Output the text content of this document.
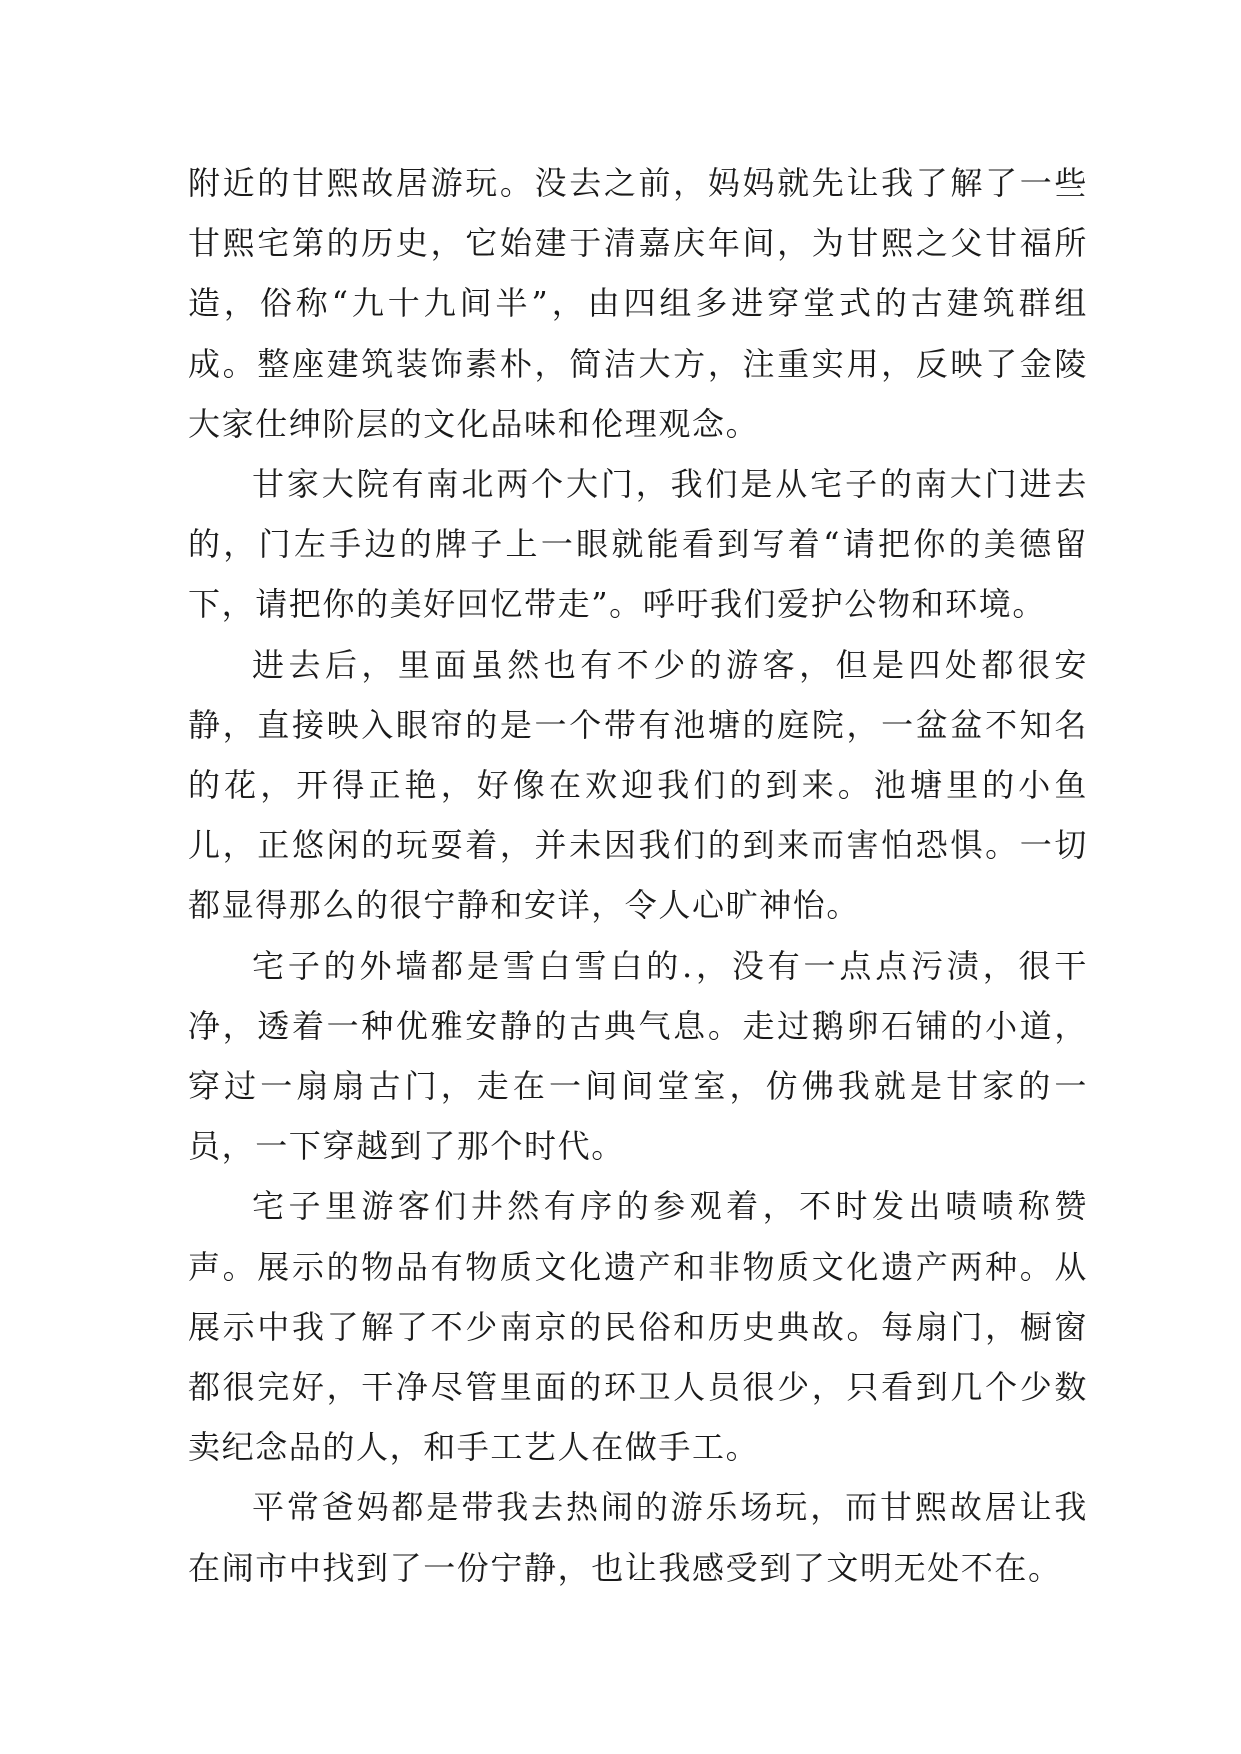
附近的甘熙故居游玩。没去之前，妈妈就先让我了解了一些甘熙宅第的历史，它始建于清嘉庆年间，为甘熙之父甘福所造，俗称“九十九间半”，由四组多进穿堂式的古建筑群组成。整座建筑装饰素朴，简洁大方，注重实用，反映了金陵大家仕绅阶层的文化品味和伦理观念。

甘家大院有南北两个大门，我们是从宅子的南大门进去的，门左手边的牌子上一眼就能看到写着“请把你的美德留下，请把你的美好回忆带走”。呼吁我们爱护公物和环境。

进去后，里面虽然也有不少的游客，但是四处都很安静，直接映入眼帘的是一个带有池塘的庭院，一盆盆不知名的花，开得正艳，好像在欢迎我们的到来。池塘里的小鱼儿，正悠闲的玩耍着，并未因我们的到来而害怕恐惧。一切都显得那么的很宁静和安详，令人心旷神怡。

宅子的外墙都是雪白雪白的.，没有一点点污渍，很干净，透着一种优雅安静的古典气息。走过鹅卵石铺的小道，穿过一扇扇古门，走在一间间堂室，仿佛我就是甘家的一员，一下穿越到了那个时代。

宅子里游客们井然有序的参观着，不时发出啧啧称赞声。展示的物品有物质文化遗产和非物质文化遗产两种。从展示中我了解了不少南京的民俗和历史典故。每扇门，橱窗都很完好，干净尽管里面的环卫人员很少，只看到几个少数卖纪念品的人，和手工艺人在做手工。

平常爸妈都是带我去热闹的游乐场玩，而甘熙故居让我在闹市中找到了一份宁静，也让我感受到了文明无处不在。
